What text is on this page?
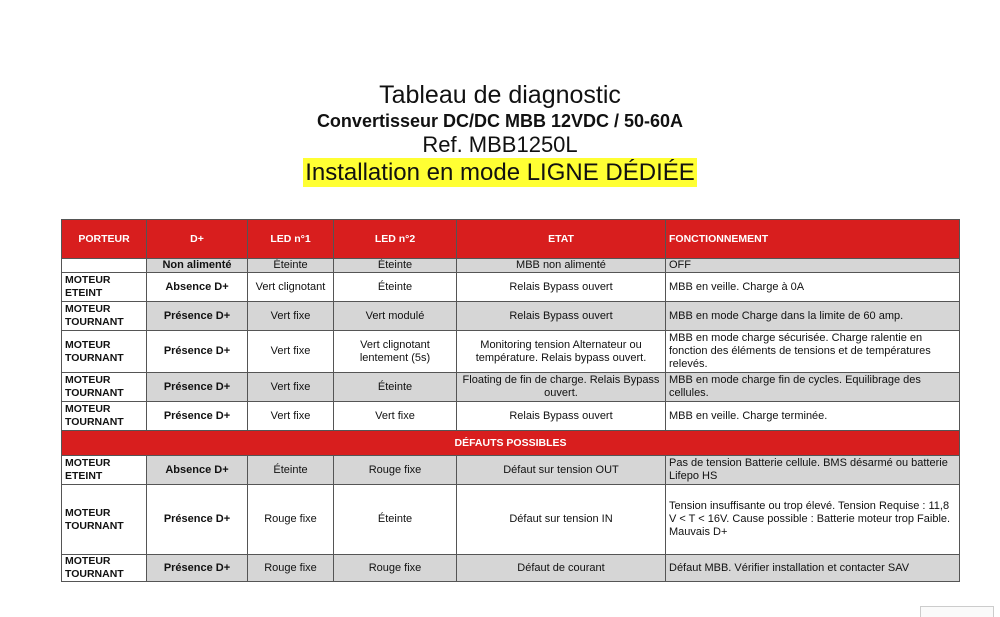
Tableau de diagnostic
Convertisseur DC/DC MBB 12VDC / 50-60A
Ref. MBB1250L
Installation en mode LIGNE DÉDIÉE
PORTEUR	D+	LED n°1	LED n°2	ETAT	FONCTIONNEMENT
	Non alimenté	Éteinte	Éteinte	MBB non alimenté	OFF
MOTEUR ETEINT	Absence D+	Vert clignotant	Éteinte	Relais Bypass ouvert	MBB en veille. Charge à 0A
MOTEUR TOURNANT	Présence D+	Vert fixe	Vert modulé	Relais Bypass ouvert	MBB en mode Charge dans la limite de 60 amp.
MOTEUR TOURNANT	Présence D+	Vert fixe	Vert clignotant lentement (5s)	Monitoring tension Alternateur ou température. Relais bypass ouvert.	MBB en mode charge sécurisée. Charge ralentie en fonction des éléments de tensions et de températures relevés.
MOTEUR TOURNANT	Présence D+	Vert fixe	Éteinte	Floating de fin de charge. Relais Bypass ouvert.	MBB en mode charge fin de cycles. Equilibrage des cellules.
MOTEUR TOURNANT	Présence D+	Vert fixe	Vert fixe	Relais Bypass ouvert	MBB en veille. Charge terminée.
DÉFAUTS POSSIBLES					
MOTEUR ETEINT	Absence D+	Éteinte	Rouge fixe	Défaut sur tension OUT	Pas de tension Batterie cellule. BMS désarmé ou batterie Lifepo HS
MOTEUR TOURNANT	Présence D+	Rouge fixe	Éteinte	Défaut sur tension IN	Tension insuffisante ou trop élevé. Tension Requise : 11,8 V < T < 16V. Cause possible : Batterie moteur trop Faible. Mauvais D+
MOTEUR TOURNANT	Présence D+	Rouge fixe	Rouge fixe	Défaut de courant	Défaut MBB. Vérifier installation et contacter SAV
